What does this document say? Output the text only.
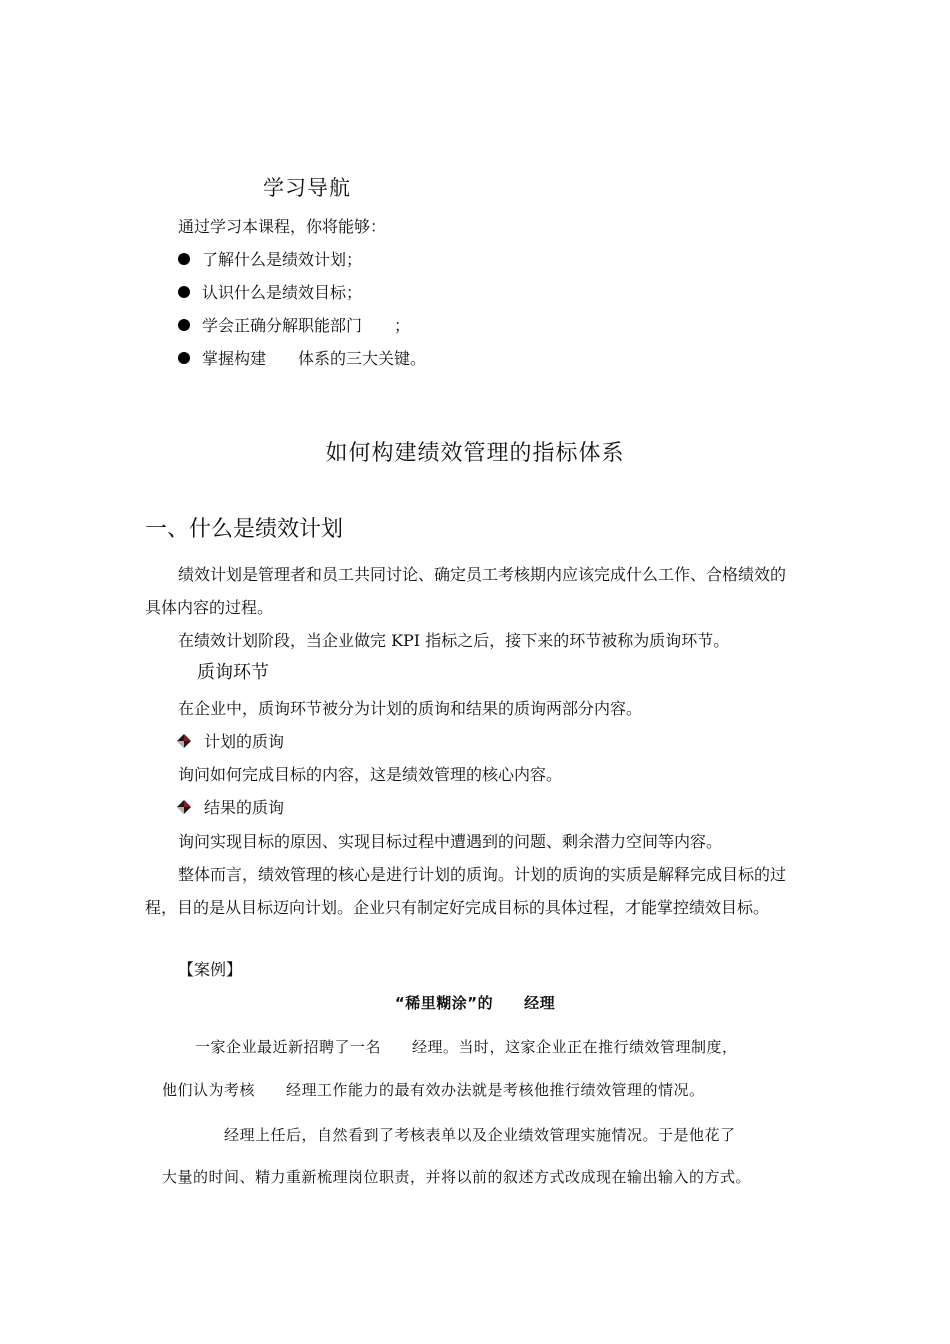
学习导航
通过学习本课程，你将能够：
了解什么是绩效计划；
认识什么是绩效目标；
学会正确分解职能部门　　；
掌握构建　　体系的三大关键。
如何构建绩效管理的指标体系
一、什么是绩效计划
绩效计划是管理者和员工共同讨论、确定员工考核期内应该完成什么工作、合格绩效的
具体内容的过程。
在绩效计划阶段，当企业做完 KPI 指标之后，接下来的环节被称为质询环节。
质询环节
在企业中，质询环节被分为计划的质询和结果的质询两部分内容。
计划的质询
询问如何完成目标的内容，这是绩效管理的核心内容。
结果的质询
询问实现目标的原因、实现目标过程中遭遇到的问题、剩余潜力空间等内容。
整体而言，绩效管理的核心是进行计划的质询。计划的质询的实质是解释完成目标的过
程，目的是从目标迈向计划。企业只有制定好完成目标的具体过程，才能掌控绩效目标。
【案例】
“稀里糊涂”的　　经理
一家企业最近新招聘了一名　　经理。当时，这家企业正在推行绩效管理制度，
他们认为考核　　经理工作能力的最有效办法就是考核他推行绩效管理的情况。
经理上任后，自然看到了考核表单以及企业绩效管理实施情况。于是他花了
大量的时间、精力重新梳理岗位职责，并将以前的叙述方式改成现在输出输入的方式。
